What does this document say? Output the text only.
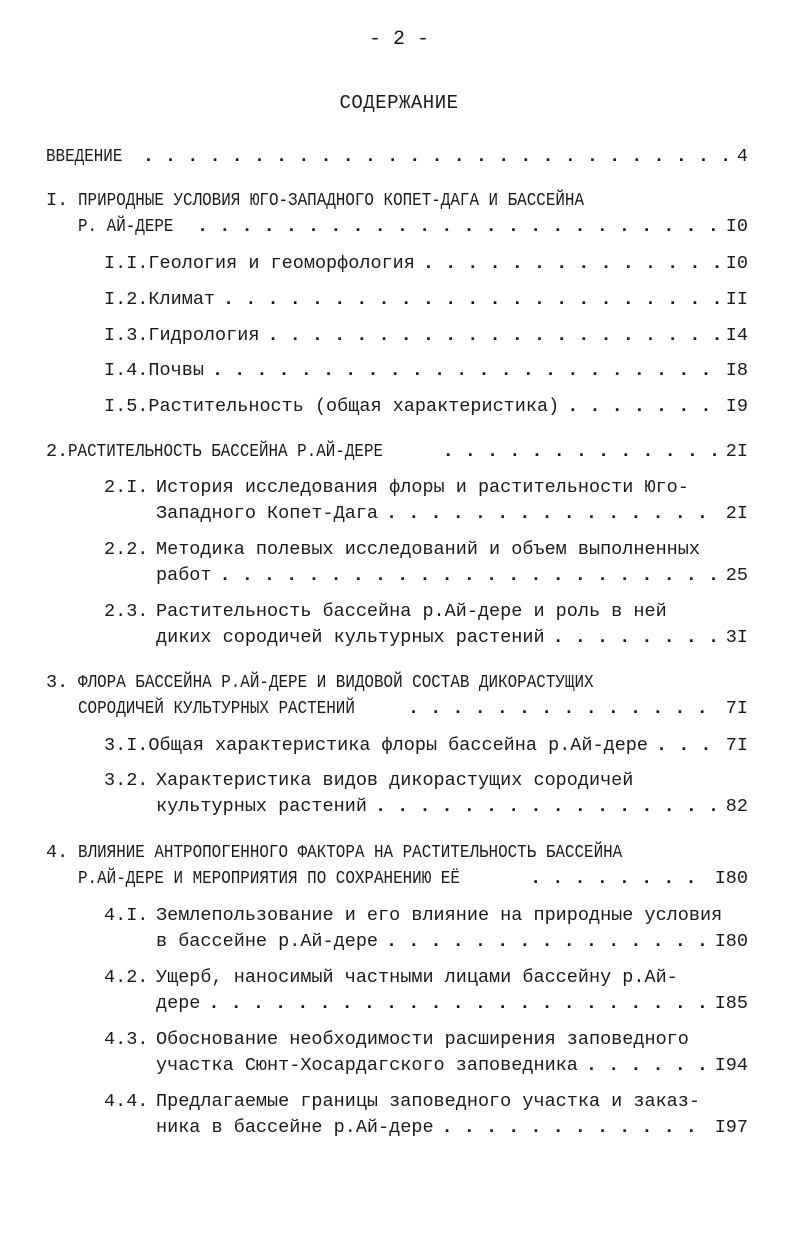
- 2 -
СОДЕРЖАНИЕ
ВВЕДЕНИЕ . . .	4
I. ПРИРОДНЫЕ УСЛОВИЯ ЮГО-ЗАПАДНОГО КОПЕТ-ДАГА И БАССЕЙНА
Р. АЙ-ДЕРЕ . . .	I0
I.I. Геология и геоморфология . . .	I0
I.2. Климат . . .	II
I.3. Гидрология . . .	I4
I.4. Почвы . . .	I8
I.5. Растительность (общая характеристика) . . .	I9
2. РАСТИТЕЛЬНОСТЬ БАССЕЙНА Р.АЙ-ДЕРЕ . . .	2I
2.I. История исследования флоры и растительности Юго-
Западного Копет-Дага . . .	2I
2.2. Методика полевых исследований и объем выполненных
работ . . .	25
2.3. Растительность бассейна р.Ай-дере и роль в ней
диких сородичей культурных растений . . .	3I
3. ФЛОРА БАССЕЙНА Р.АЙ-ДЕРЕ И ВИДОВОЙ СОСТАВ ДИКОРАСТУЩИХ
СОРОДИЧЕЙ КУЛЬТУРНЫХ РАСТЕНИЙ . . .	7I
3.I. Общая характеристика флоры бассейна р.Ай-дере . . .	7I
3.2. Характеристика видов дикорастущих сородичей
культурных растений . . .	82
4. ВЛИЯНИЕ АНТРОПОГЕННОГО ФАКТОРА НА РАСТИТЕЛЬНОСТЬ БАССЕЙНА
Р.АЙ-ДЕРЕ И МЕРОПРИЯТИЯ ПО СОХРАНЕНИЮ ЕЁ . . .	I80
4.I. Землепользование и его влияние на природные условия
в бассейне р.Ай-дере . . .	I80
4.2. Ущерб, наносимый частными лицами бассейну р.Ай-
дере . . .	I85
4.3. Обоснование необходимости расширения заповедного
участка Сюнт-Хосардагского заповедника . . .	I94
4.4. Предлагаемые границы заповедного участка и заказ-
ника в бассейне р.Ай-дере . . .	I97
